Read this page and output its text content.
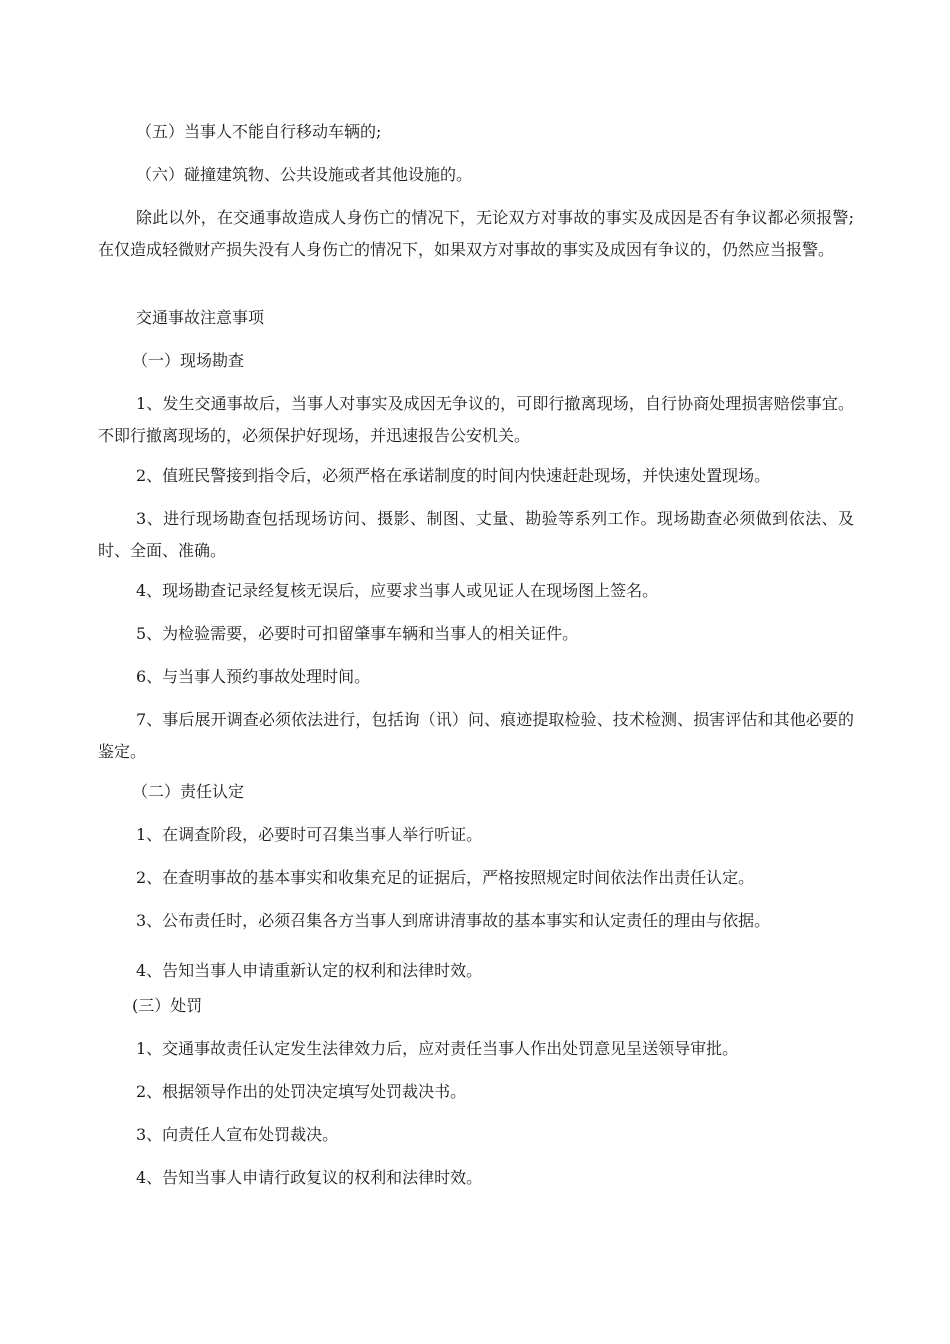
（五）当事人不能自行移动车辆的;

（六）碰撞建筑物、公共设施或者其他设施的。

除此以外，在交通事故造成人身伤亡的情况下，无论双方对事故的事实及成因是否有争议都必须报警;在仅造成轻微财产损失没有人身伤亡的情况下，如果双方对事故的事实及成因有争议的，仍然应当报警。

交通事故注意事项

（一）现场勘查

1、发生交通事故后，当事人对事实及成因无争议的，可即行撤离现场，自行协商处理损害赔偿事宜。不即行撤离现场的，必须保护好现场，并迅速报告公安机关。

2、值班民警接到指令后，必须严格在承诺制度的时间内快速赶赴现场，并快速处置现场。

3、进行现场勘查包括现场访问、摄影、制图、丈量、勘验等系列工作。现场勘查必须做到依法、及时、全面、准确。

4、现场勘查记录经复核无误后，应要求当事人或见证人在现场图上签名。

5、为检验需要，必要时可扣留肇事车辆和当事人的相关证件。

6、与当事人预约事故处理时间。

7、事后展开调查必须依法进行，包括询（讯）问、痕迹提取检验、技术检测、损害评估和其他必要的鉴定。

（二）责任认定

1、在调查阶段，必要时可召集当事人举行听证。

2、在查明事故的基本事实和收集充足的证据后，严格按照规定时间依法作出责任认定。

3、公布责任时，必须召集各方当事人到席讲清事故的基本事实和认定责任的理由与依据。

4、告知当事人申请重新认定的权利和法律时效。

(三）处罚

1、交通事故责任认定发生法律效力后，应对责任当事人作出处罚意见呈送领导审批。

2、根据领导作出的处罚决定填写处罚裁决书。

3、向责任人宣布处罚裁决。

4、告知当事人申请行政复议的权利和法律时效。
